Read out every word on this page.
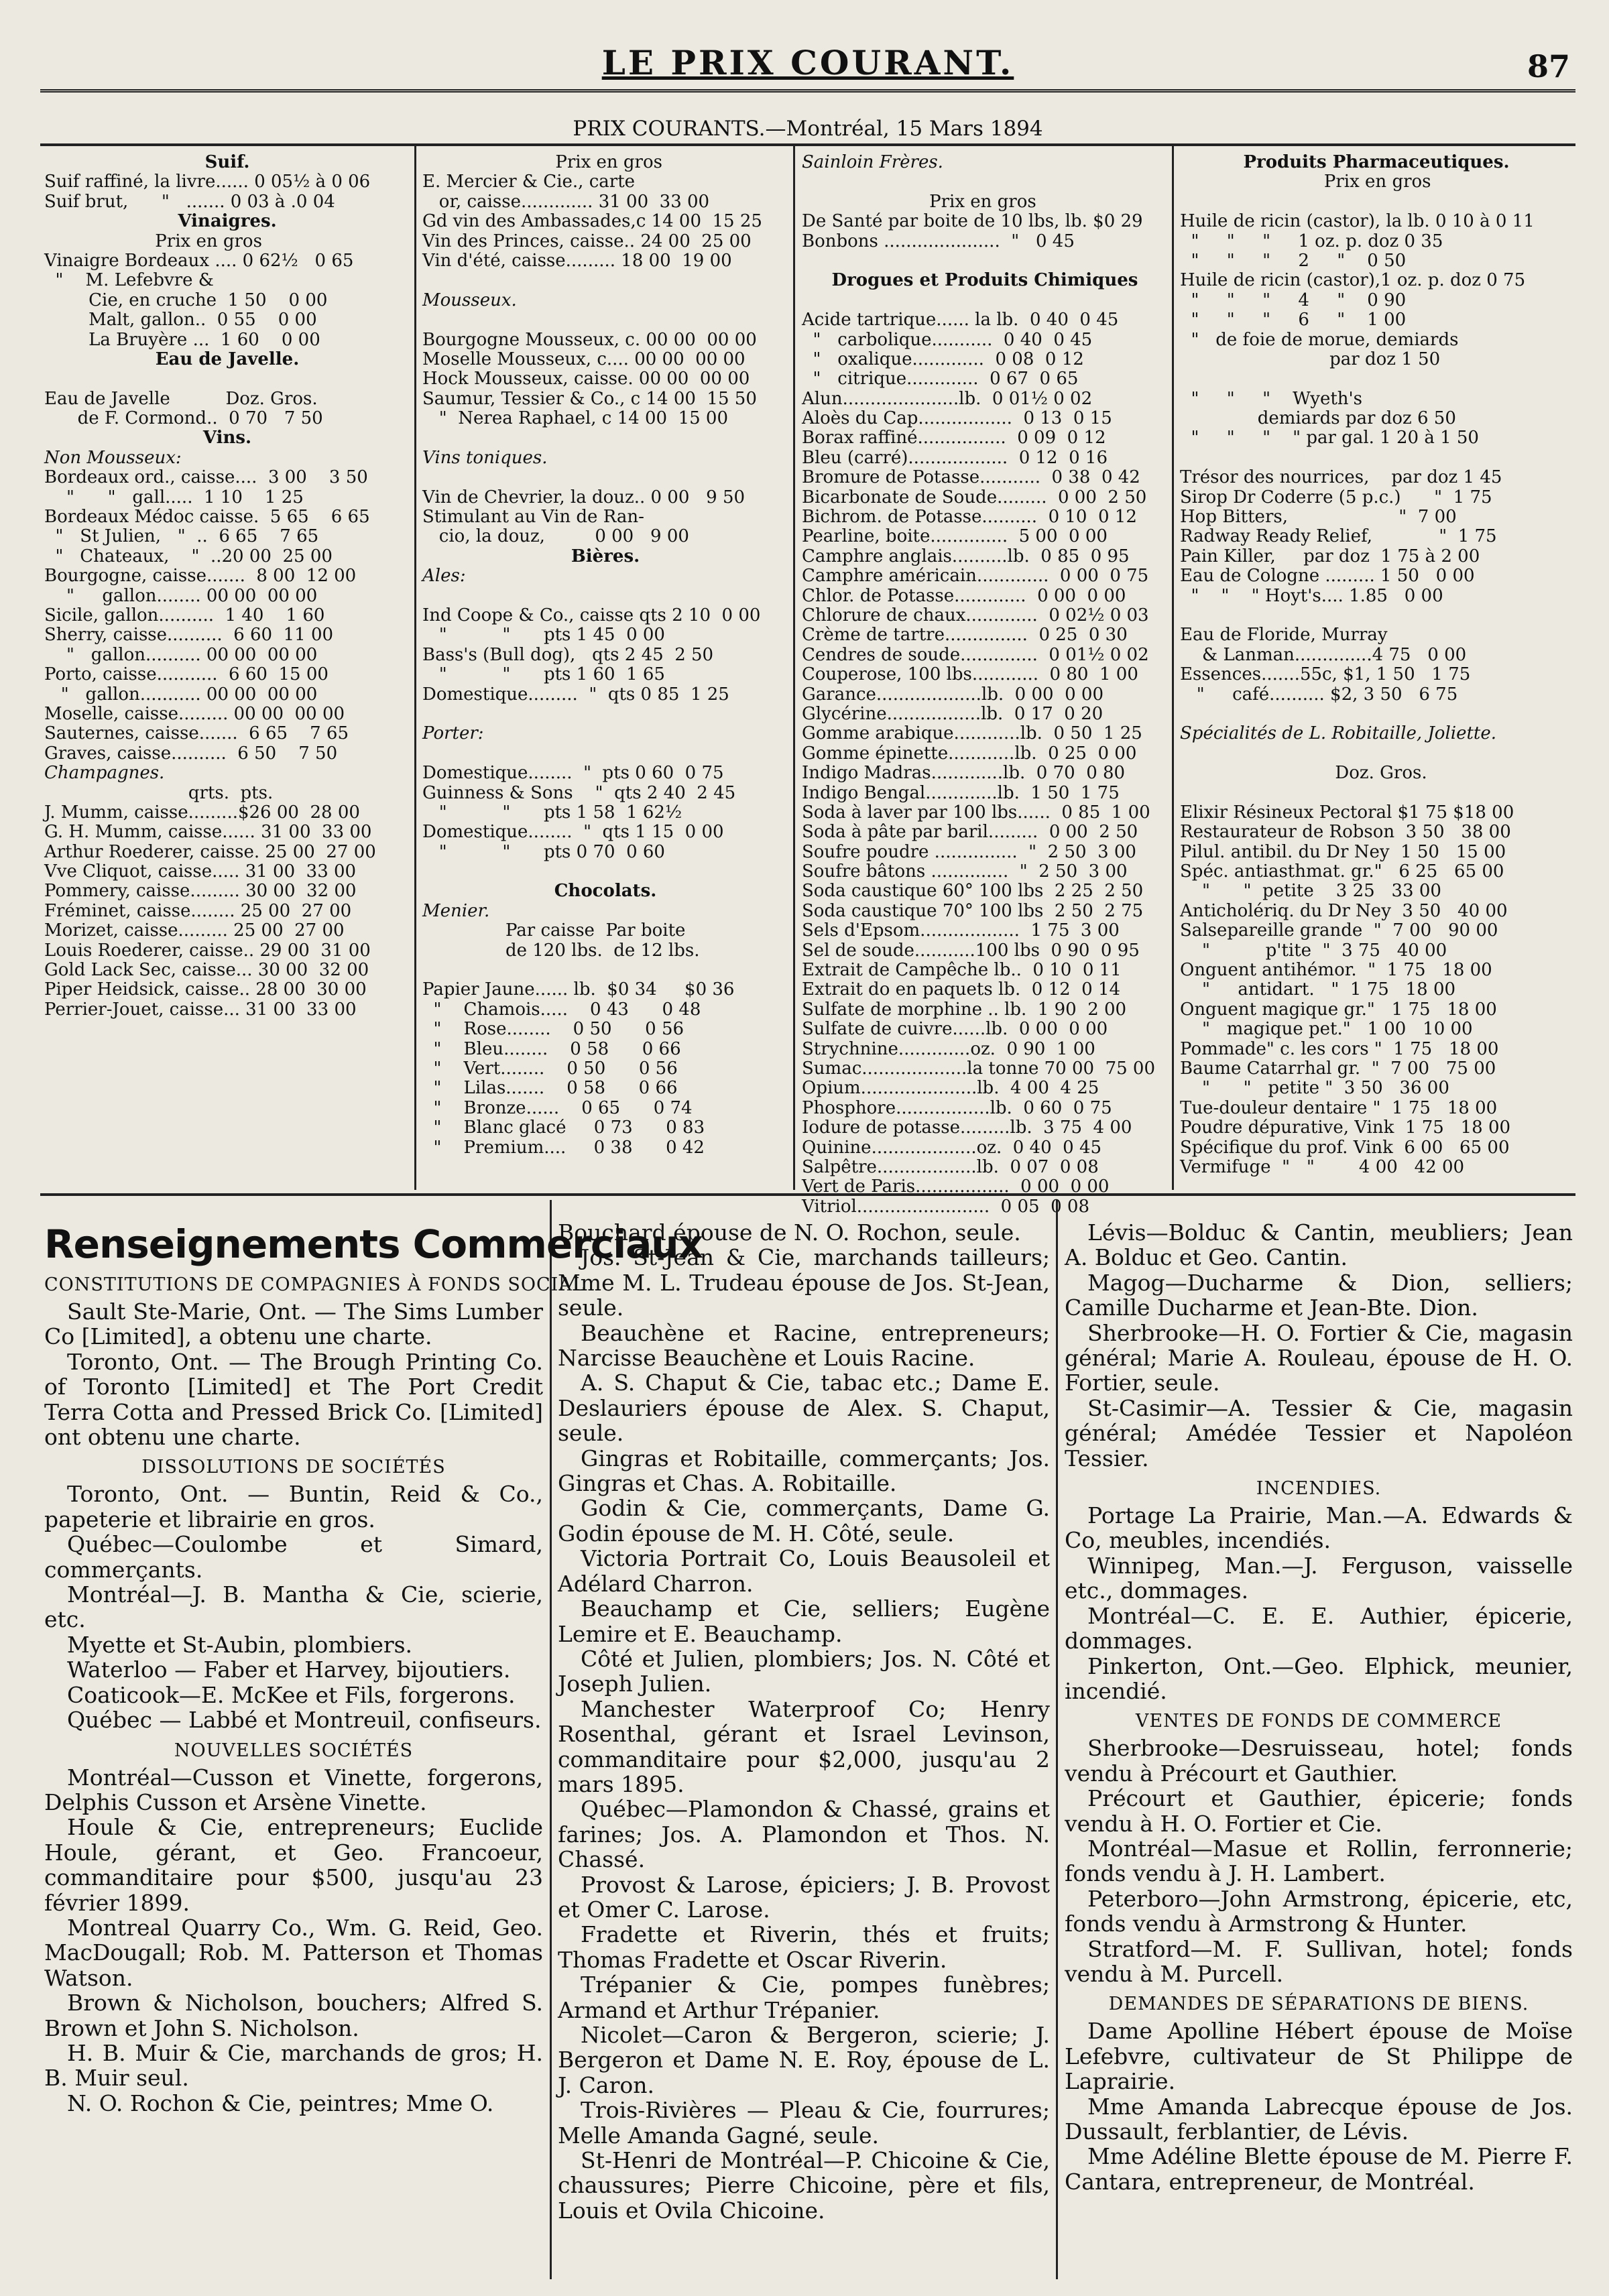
LE PRIX COURANT.	87
PRIX COURANTS.—Montréal, 15 Mars 1894
Suif.
Suif raffiné, la livre...... 0 05½ à 0 06
Suif brut,      "   ....... 0 03 à .0 04
Vinaigres.
Prix en gros
Vinaigre Bordeaux .... 0 62½   0 65
"    M. Lefebvre &
Cie, en cruche  1 50    0 00
Malt, gallon..  0 55    0 00
La Bruyère ...  1 60    0 00
Eau de Javelle.
Eau de Javelle          Doz. Gros.
de F. Cormond..  0 70   7 50
Vins.
Non Mousseux:
Bordeaux ord., caisse....  3 00    3 50
"      "   gall.....  1 10    1 25
Bordeaux Médoc caisse.  5 65    6 65
"   St Julien,   "  ..  6 65    7 65
"   Chateaux,    "  ..20 00  25 00
Bourgogne, caisse.......  8 00  12 00
"     gallon........ 00 00  00 00
Sicile, gallon..........  1 40    1 60
Sherry, caisse..........  6 60  11 00
"   gallon.......... 00 00  00 00
Porto, caisse...........  6 60  15 00
"   gallon........... 00 00  00 00
Moselle, caisse......... 00 00  00 00
Sauternes, caisse.......  6 65    7 65
Graves, caisse..........  6 50    7 50
Champagnes.
qrts.  pts.
J. Mumm, caisse.........$26 00  28 00
G. H. Mumm, caisse...... 31 00  33 00
Arthur Roederer, caisse. 25 00  27 00
Vve Cliquot, caisse..... 31 00  33 00
Pommery, caisse......... 30 00  32 00
Fréminet, caisse........ 25 00  27 00
Morizet, caisse......... 25 00  27 00
Louis Roederer, caisse.. 29 00  31 00
Gold Lack Sec, caisse... 30 00  32 00
Piper Heidsick, caisse.. 28 00  30 00
Perrier-Jouet, caisse... 31 00  33 00
Prix en gros
E. Mercier & Cie., carte
or, caisse............. 31 00  33 00
Gd vin des Ambassades,c 14 00  15 25
Vin des Princes, caisse.. 24 00  25 00
Vin d'été, caisse......... 18 00  19 00
Mousseux.
Bourgogne Mousseux, c. 00 00  00 00
Moselle Mousseux, c.... 00 00  00 00
Hock Mousseux, caisse. 00 00  00 00
Saumur, Tessier & Co., c 14 00  15 50
"  Nerea Raphael, c 14 00  15 00
Vins toniques.
Vin de Chevrier, la douz.. 0 00   9 50
Stimulant au Vin de Ran-
cio, la douz,         0 00   9 00
Bières.
Ales:
Ind Coope & Co., caisse qts 2 10  0 00
"          "      pts 1 45  0 00
Bass's (Bull dog),   qts 2 45  2 50
"          "      pts 1 60  1 65
Domestique.........  "  qts 0 85  1 25
Porter:
Domestique........  "  pts 0 60  0 75
Guinness & Sons    "  qts 2 40  2 45
"          "      pts 1 58  1 62½
Domestique........  "  qts 1 15  0 00
"          "      pts 0 70  0 60
Chocolats.
Menier.
Par caisse  Par boite
de 120 lbs.  de 12 lbs.
Papier Jaune...... lb.  $0 34     $0 36
"    Chamois.....    0 43      0 48
"    Rose........    0 50      0 56
"    Bleu........    0 58      0 66
"    Vert........    0 50      0 56
"    Lilas.......    0 58      0 66
"    Bronze......    0 65      0 74
"    Blanc glacé     0 73      0 83
"    Premium....     0 38      0 42
Sainloin Frères.
Prix en gros
De Santé par boite de 10 lbs, lb. $0 29
Bonbons .....................  "   0 45
Drogues et Produits Chimiques
Acide tartrique...... la lb.  0 40  0 45
"   carbolique...........  0 40  0 45
"   oxalique.............  0 08  0 12
"   citrique.............  0 67  0 65
Alun.....................lb.  0 01½ 0 02
Aloès du Cap.................  0 13  0 15
Borax raffiné................  0 09  0 12
Bleu (carré)..................  0 12  0 16
Bromure de Potasse...........  0 38  0 42
Bicarbonate de Soude.........  0 00  2 50
Bichrom. de Potasse..........  0 10  0 12
Pearline, boite..............  5 00  0 00
Camphre anglais..........lb.  0 85  0 95
Camphre américain.............  0 00  0 75
Chlor. de Potasse.............  0 00  0 00
Chlorure de chaux.............  0 02½ 0 03
Crème de tartre...............  0 25  0 30
Cendres de soude..............  0 01½ 0 02
Couperose, 100 lbs............  0 80  1 00
Garance...................lb.  0 00  0 00
Glycérine.................lb.  0 17  0 20
Gomme arabique............lb.  0 50  1 25
Gomme épinette............lb.  0 25  0 00
Indigo Madras.............lb.  0 70  0 80
Indigo Bengal.............lb.  1 50  1 75
Soda à laver par 100 lbs......  0 85  1 00
Soda à pâte par baril.........  0 00  2 50
Soufre poudre ...............  "  2 50  3 00
Soufre bâtons ..............  "  2 50  3 00
Soda caustique 60° 100 lbs  2 25  2 50
Soda caustique 70° 100 lbs  2 50  2 75
Sels d'Epsom..................  1 75  3 00
Sel de soude...........100 lbs  0 90  0 95
Extrait de Campêche lb..  0 10  0 11
Extrait do en paquets lb.  0 12  0 14
Sulfate de morphine .. lb.  1 90  2 00
Sulfate de cuivre......lb.  0 00  0 00
Strychnine.............oz.  0 90  1 00
Sumac...................la tonne 70 00  75 00
Opium.....................lb.  4 00  4 25
Phosphore.................lb.  0 60  0 75
Iodure de potasse.........lb.  3 75  4 00
Quinine...................oz.  0 40  0 45
Salpêtre..................lb.  0 07  0 08
Vert de Paris.................  0 00  0 00
Vitriol........................  0 05  0 08
Produits Pharmaceutiques.
Prix en gros
Huile de ricin (castor), la lb. 0 10 à 0 11
"     "     "     1 oz. p. doz 0 35
"     "     "     2     "    0 50
Huile de ricin (castor),1 oz. p. doz 0 75
"     "     "     4     "    0 90
"     "     "     6     "    1 00
"   de foie de morue, demiards
par doz 1 50
"     "     "    Wyeth's
demiards par doz 6 50
"     "     "    " par gal. 1 20 à 1 50
Trésor des nourrices,    par doz 1 45
Sirop Dr Coderre (5 p.c.)      "  1 75
Hop Bitters,                    "  7 00
Radway Ready Relief,            "  1 75
Pain Killer,     par doz  1 75 à 2 00
Eau de Cologne ......... 1 50   0 00
"    "    " Hoyt's.... 1.85   0 00
Eau de Floride, Murray
& Lanman..............4 75   0 00
Essences.......55c, $1, 1 50   1 75
"     café.......... $2, 3 50   6 75
Spécialités de L. Robitaille, Joliette.
Doz. Gros.
Elixir Résineux Pectoral $1 75 $18 00
Restaurateur de Robson  3 50   38 00
Pilul. antibil. du Dr Ney  1 50   15 00
Spéc. antiasthmat. gr."   6 25   65 00
"      "  petite    3 25   33 00
Anticholériq. du Dr Ney  3 50   40 00
Salsepareille grande  "  7 00   90 00
"          p'tite  "  3 75   40 00
Onguent antihémor.  "  1 75   18 00
"     antidart.   "  1 75   18 00
Onguent magique gr."   1 75   18 00
"   magique pet."   1 00   10 00
Pommade" c. les cors "  1 75   18 00
Baume Catarrhal gr.  "  7 00   75 00
"      "   petite "  3 50   36 00
Tue-douleur dentaire "  1 75   18 00
Poudre dépurative, Vink  1 75   18 00
Spécifique du prof. Vink  6 00   65 00
Vermifuge  "   "        4 00   42 00
Renseignements Commerciaux
CONSTITUTIONS DE COMPAGNIES À FONDS SOCIAL

Sault Ste-Marie, Ont. — The Sims Lumber Co [Limited], a obtenu une charte.

Toronto, Ont. — The Brough Printing Co. of Toronto [Limited] et The Port Credit Terra Cotta and Pressed Brick Co. [Limited] ont obtenu une charte.

DISSOLUTIONS DE SOCIÉTÉS

Toronto, Ont. — Buntin, Reid & Co., papeterie et librairie en gros.

Québec—Coulombe et Simard, commerçants.

Montréal—J. B. Mantha & Cie, scierie, etc.

Myette et St-Aubin, plombiers.

Waterloo — Faber et Harvey, bijoutiers.

Coaticook—E. McKee et Fils, forgerons.

Québec — Labbé et Montreuil, confiseurs.

NOUVELLES SOCIÉTÉS

Montréal—Cusson et Vinette, forgerons, Delphis Cusson et Arsène Vinette.

Houle & Cie, entrepreneurs; Euclide Houle, gérant, et Geo. Francoeur, commanditaire pour $500, jusqu'au 23 février 1899.

Montreal Quarry Co., Wm. G. Reid, Geo. MacDougall; Rob. M. Patterson et Thomas Watson.

Brown & Nicholson, bouchers; Alfred S. Brown et John S. Nicholson.

H. B. Muir & Cie, marchands de gros; H. B. Muir seul.

N. O. Rochon & Cie, peintres; Mme O.

Bouchard épouse de N. O. Rochon, seule.

Jos. St-Jean & Cie, marchands tailleurs; Mme M. L. Trudeau épouse de Jos. St-Jean, seule.

Beauchène et Racine, entrepreneurs; Narcisse Beauchène et Louis Racine.

A. S. Chaput & Cie, tabac etc.; Dame E. Deslauriers épouse de Alex. S. Chaput, seule.

Gingras et Robitaille, commerçants; Jos. Gingras et Chas. A. Robitaille.

Godin & Cie, commerçants, Dame G. Godin épouse de M. H. Côté, seule.

Victoria Portrait Co, Louis Beausoleil et Adélard Charron.

Beauchamp et Cie, selliers; Eugène Lemire et E. Beauchamp.

Côté et Julien, plombiers; Jos. N. Côté et Joseph Julien.

Manchester Waterproof Co; Henry Rosenthal, gérant et Israel Levinson, commanditaire pour $2,000, jusqu'au 2 mars 1895.

Québec—Plamondon & Chassé, grains et farines; Jos. A. Plamondon et Thos. N. Chassé.

Provost & Larose, épiciers; J. B. Provost et Omer C. Larose.

Fradette et Riverin, thés et fruits; Thomas Fradette et Oscar Riverin.

Trépanier & Cie, pompes funèbres; Armand et Arthur Trépanier.

Nicolet—Caron & Bergeron, scierie; J. Bergeron et Dame N. E. Roy, épouse de L. J. Caron.

Trois-Rivières — Pleau & Cie, fourrures; Melle Amanda Gagné, seule.

St-Henri de Montréal—P. Chicoine & Cie, chaussures; Pierre Chicoine, père et fils, Louis et Ovila Chicoine.

Lévis—Bolduc & Cantin, meubliers; Jean A. Bolduc et Geo. Cantin.

Magog—Ducharme & Dion, selliers; Camille Ducharme et Jean-Bte. Dion.

Sherbrooke—H. O. Fortier & Cie, magasin général; Marie A. Rouleau, épouse de H. O. Fortier, seule.

St-Casimir—A. Tessier & Cie, magasin général; Amédée Tessier et Napoléon Tessier.

INCENDIES.

Portage La Prairie, Man.—A. Edwards & Co, meubles, incendiés.

Winnipeg, Man.—J. Ferguson, vaisselle etc., dommages.

Montréal—C. E. E. Authier, épicerie, dommages.

Pinkerton, Ont.—Geo. Elphick, meunier, incendié.

VENTES DE FONDS DE COMMERCE

Sherbrooke—Desruisseau, hotel; fonds vendu à Précourt et Gauthier.

Précourt et Gauthier, épicerie; fonds vendu à H. O. Fortier et Cie.

Montréal—Masue et Rollin, ferronnerie; fonds vendu à J. H. Lambert.

Peterboro—John Armstrong, épicerie, etc, fonds vendu à Armstrong & Hunter.

Stratford—M. F. Sullivan, hotel; fonds vendu à M. Purcell.

DEMANDES DE SÉPARATIONS DE BIENS.

Dame Apolline Hébert épouse de Moïse Lefebvre, cultivateur de St Philippe de Laprairie.

Mme Amanda Labrecque épouse de Jos. Dussault, ferblantier, de Lévis.

Mme Adéline Blette épouse de M. Pierre F. Cantara, entrepreneur, de Montréal.
